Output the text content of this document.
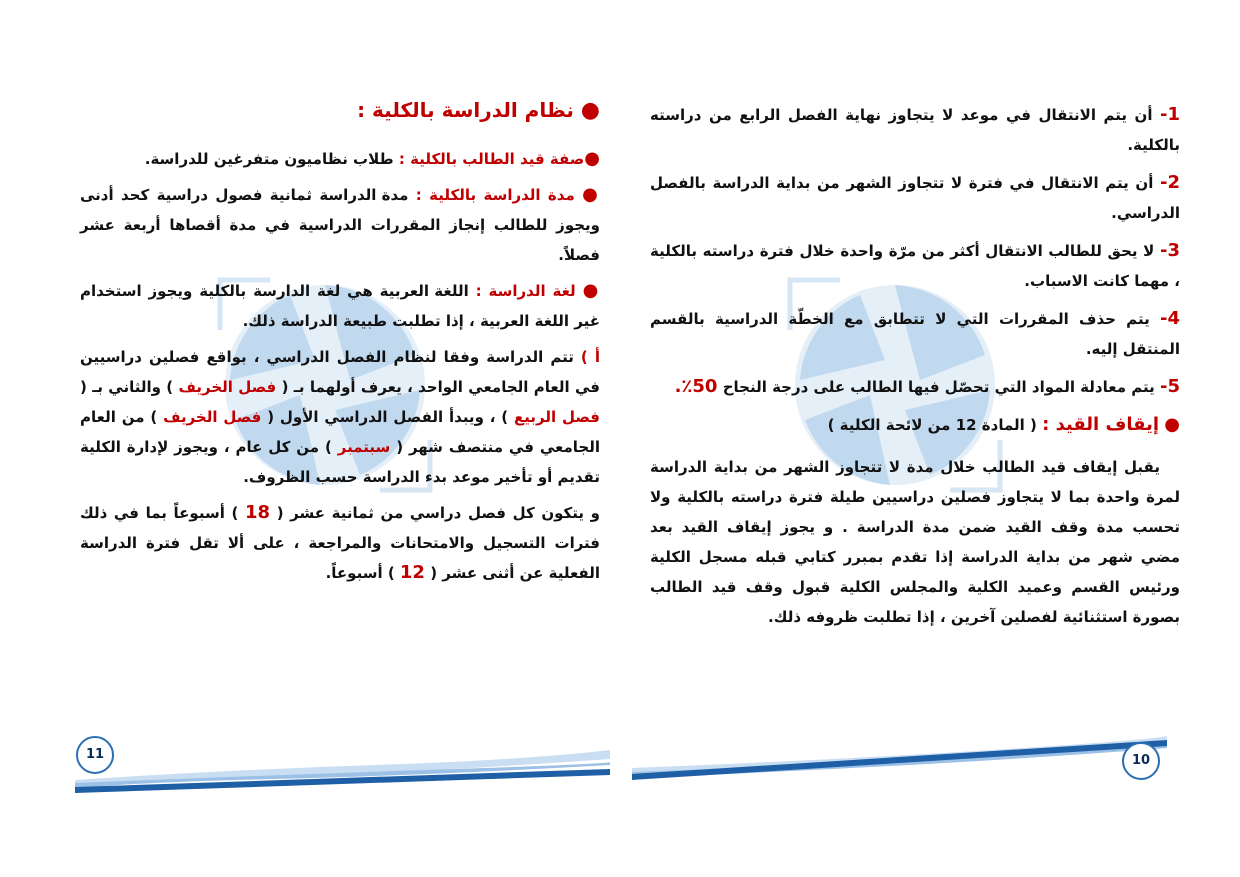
● نظام الدراسة بالكلية :

●صفة قيد الطالب بالكلية : طلاب نظاميون متفرغين للدراسة.

● مدة الدراسة بالكلية : مدة الدراسة ثمانية فصول دراسية كحد أدنى ويجوز للطالب إنجاز المقررات الدراسية في مدة أقصاها أربعة عشر فصلاً.

● لغة الدراسة : اللغة العربية هي لغة الدارسة بالكلية ويجوز استخدام غير اللغة العربية ، إذا تطلبت طبيعة الدراسة ذلك.

أ ) تتم الدراسة وفقا لنظام الفصل الدراسي ، بواقع فصلين دراسيين في العام الجامعي الواحد ، يعرف أولهما بـ ( فصل الخريف ) والثاني بـ ( فصل الربيع ) ، ويبدأ الفصل الدراسي الأول ( فصل الخريف ) من العام الجامعي في منتصف شهر ( سبتمبر ) من كل عام ، ويجوز لإدارة الكلية تقديم أو تأخير موعد بدء الدراسة حسب الظروف.

و يتكون كل فصل دراسي من ثمانية عشر ( 18 ) أسبوعاً بما في ذلك فترات التسجيل والامتحانات والمراجعة ، على ألا تقل فترة الدراسة الفعلية عن أثنى عشر ( 12 ) أسبوعاً.

11

1- أن يتم الانتقال في موعد لا يتجاوز نهاية الفصل الرابع من دراسته بالكلية.

2- أن يتم الانتقال في فترة لا تتجاوز الشهر من بداية الدراسة بالفصل الدراسي.

3- لا يحق للطالب الانتقال أكثر من مرّة واحدة خلال فترة دراسته بالكلية ، مهما كانت الاسباب.

4- يتم حذف المقررات التي لا تتطابق مع الخطّة الدراسية بالقسم المنتقل إليه.

5- يتم معادلة المواد التي تحصّل فيها الطالب على درجة النجاح 50٪.

● إيقاف القيد : ( المادة 12 من لائحة الكلية )

يقبل إيقاف قيد الطالب خلال مدة لا تتجاوز الشهر من بداية الدراسة لمرة واحدة بما لا يتجاوز فصلين دراسيين طيلة فترة دراسته بالكلية ولا تحسب مدة وقف القيد ضمن مدة الدراسة . و يجوز إيقاف القيد بعد مضي شهر من بداية الدراسة إذا تقدم بمبرر كتابي قبله مسجل الكلية ورئيس القسم وعميد الكلية والمجلس الكلية قبول وقف قيد الطالب بصورة استثنائية لفصلين آخرين ، إذا تطلبت ظروفه ذلك.

10
